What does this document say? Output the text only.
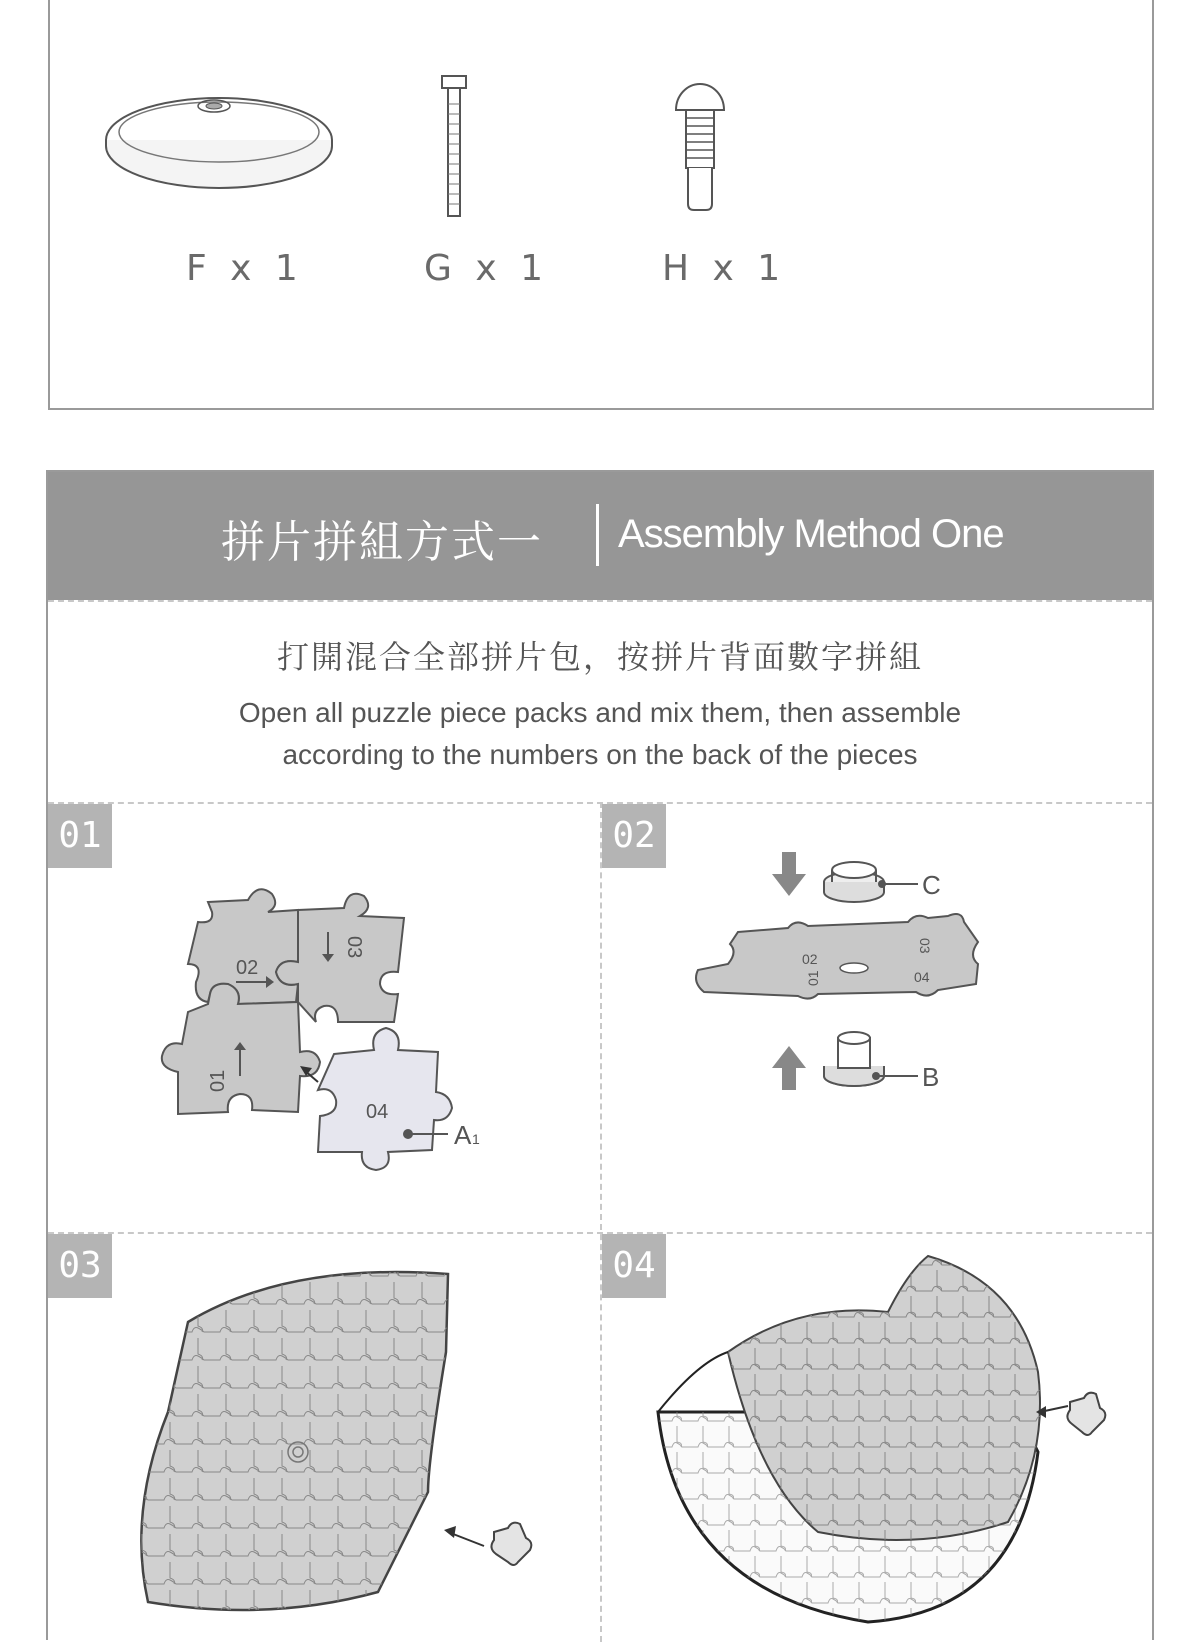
F x 1	G x 1	H x 1
拼片拼組方式一 Assembly Method One
打開混合全部拼片包，按拼片背面數字拼組
Open all puzzle piece packs and mix them, then assemble
according to the numbers on the back of the pieces
01	02
03	04
02
03
01
04
A 1
C
02
03
01	04
B
